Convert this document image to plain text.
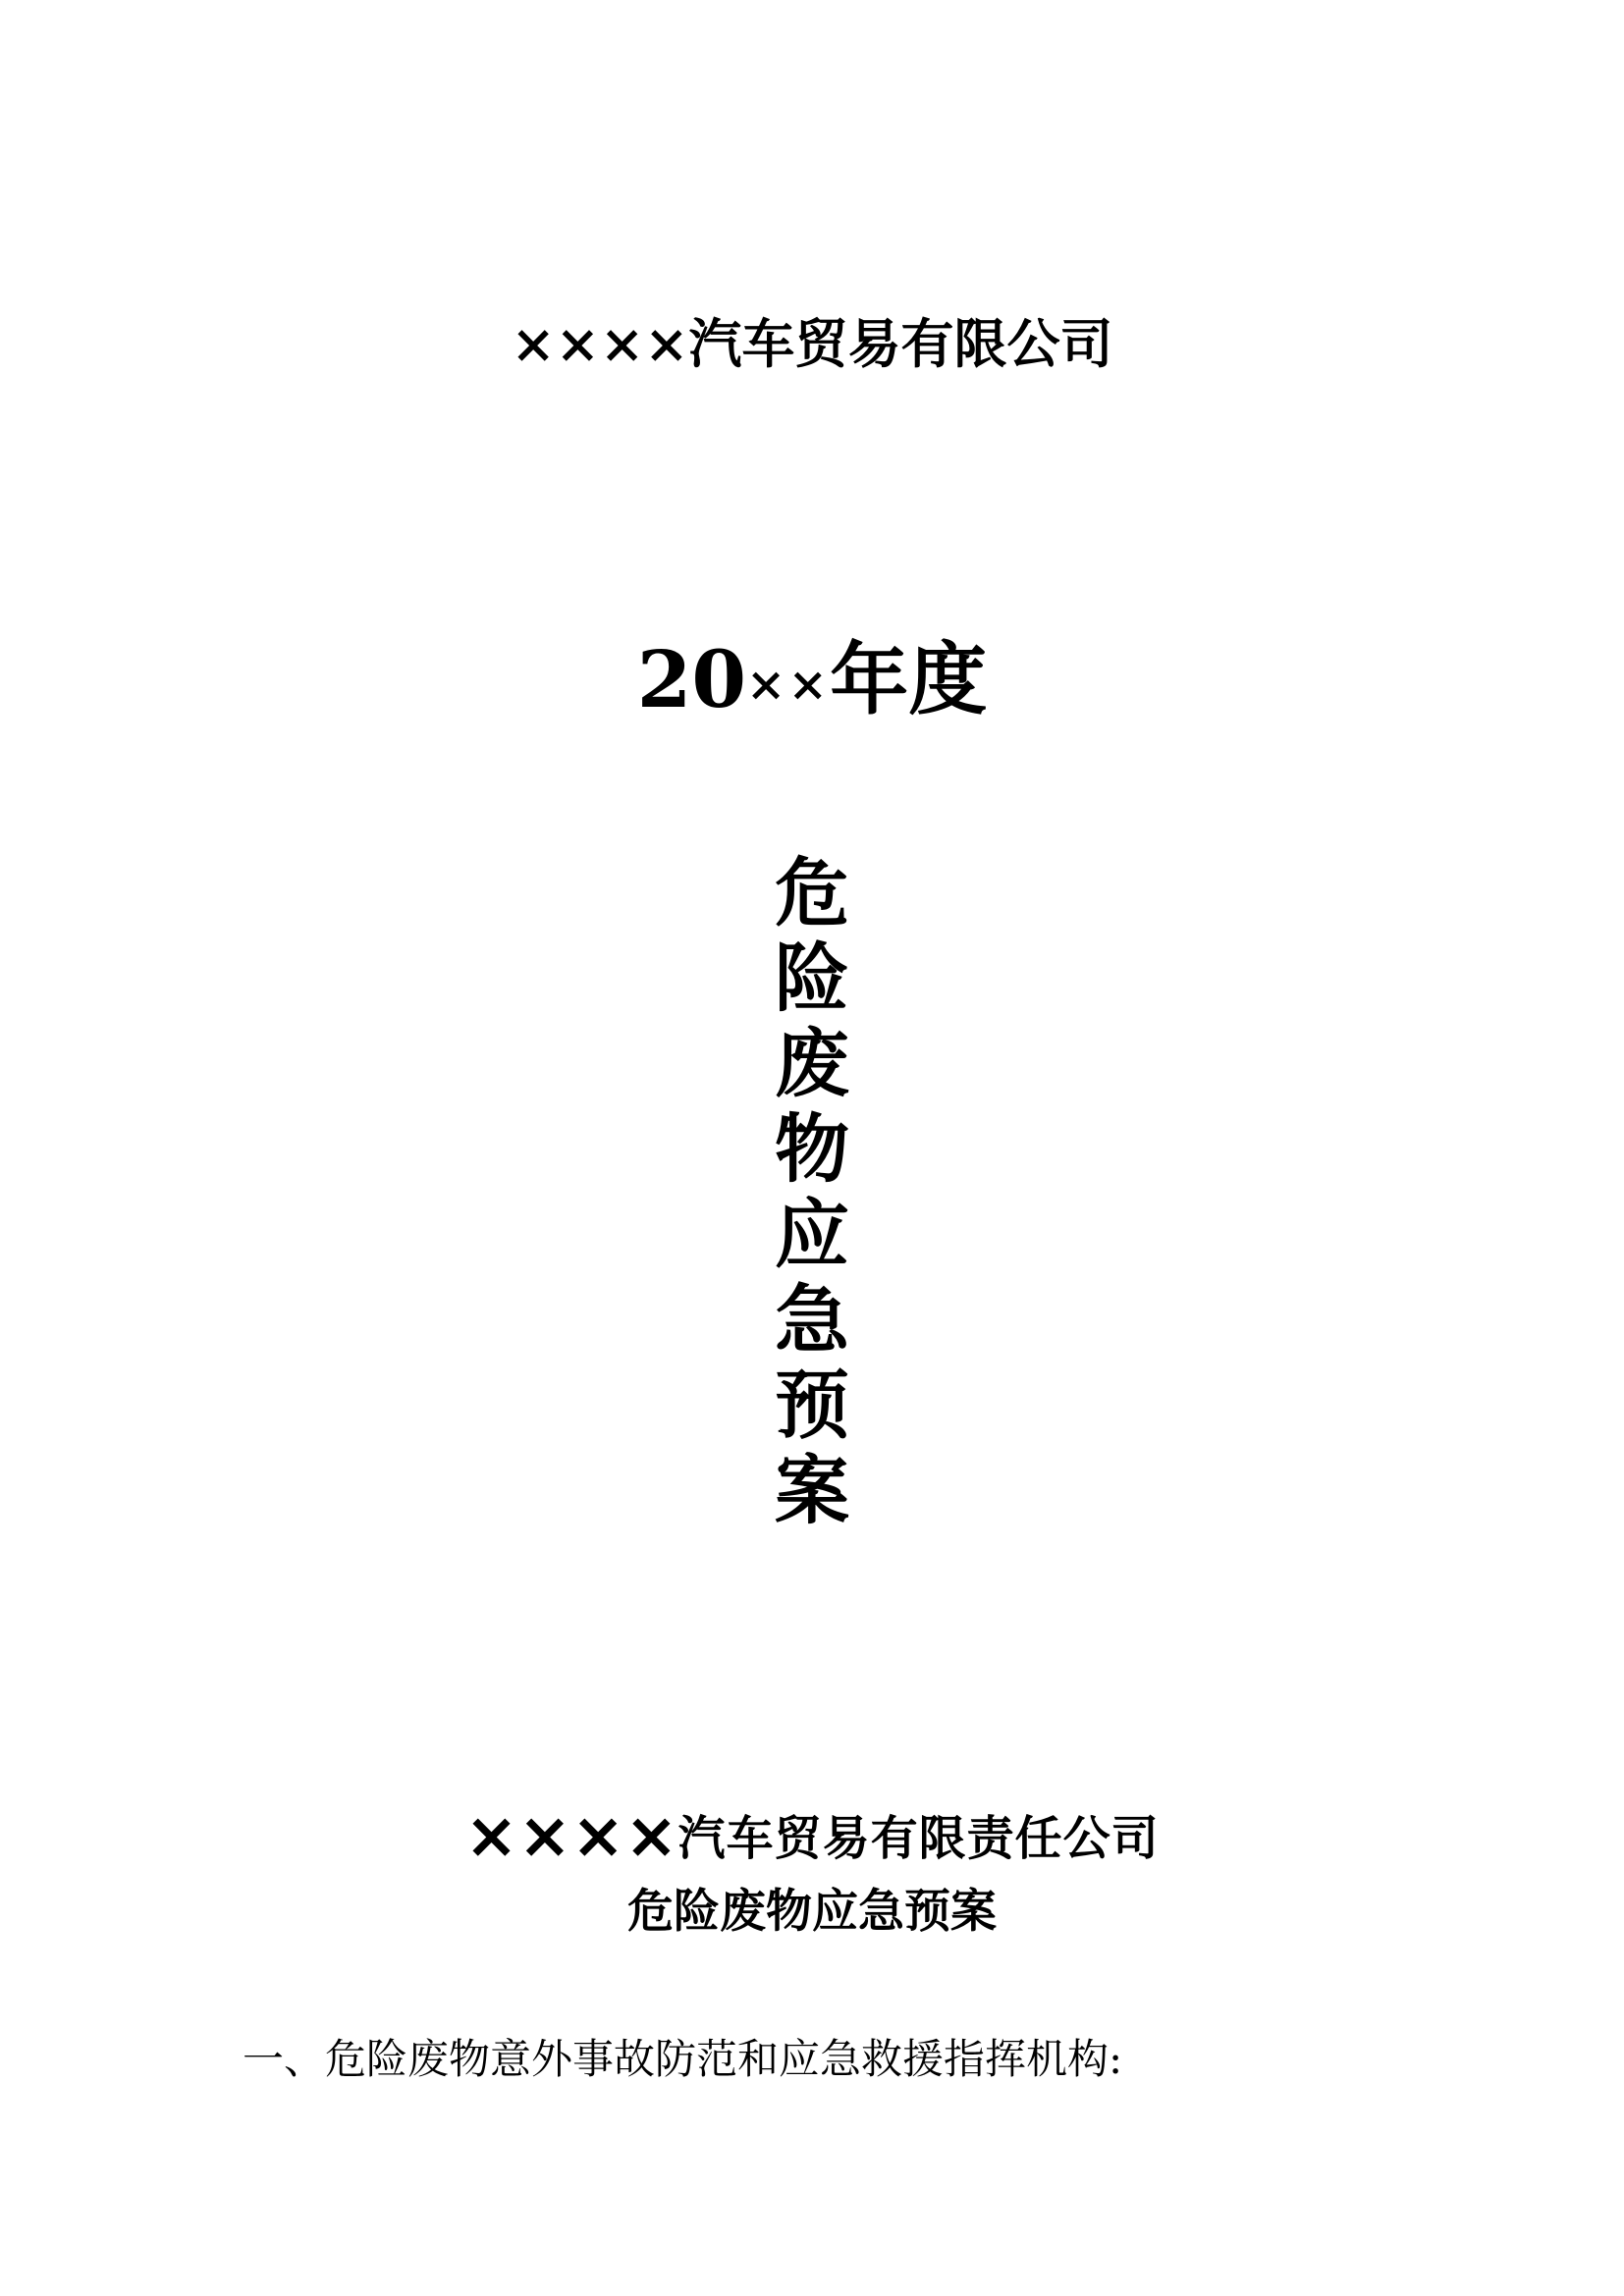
××××汽车贸易有限公司
20××年度
危
险
废
物
应
急
预
案
××××汽车贸易有限责任公司
危险废物应急预案
一、危险废物意外事故防范和应急救援指挥机构:
